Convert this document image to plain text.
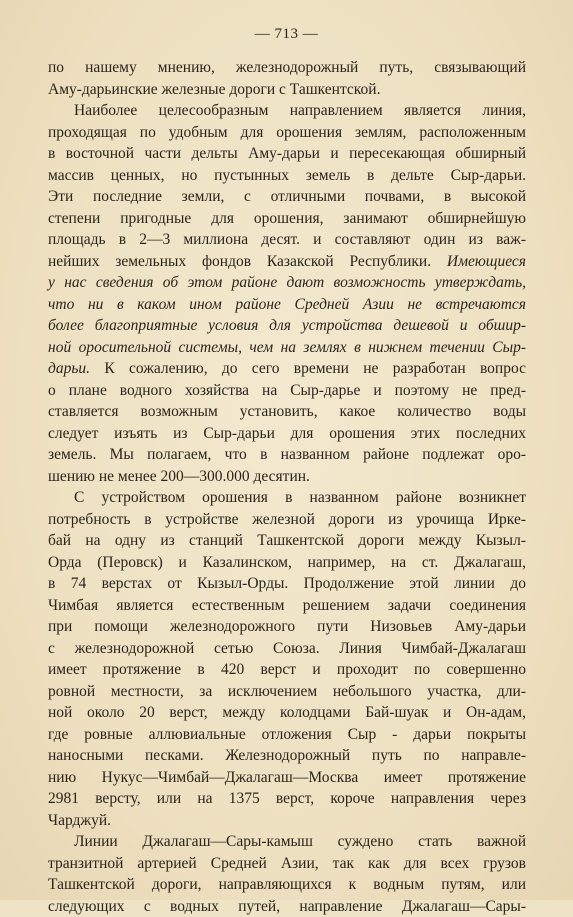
— 713 —
по нашему мнению, железнодорожный путь, связывающий
Аму-дарьинские железные дороги с Ташкентской.
Наиболее целесообразным направлением является линия,
проходящая по удобным для орошения землям, расположенным
в восточной части дельты Аму-дарьи и пересекающая обширный
массив ценных, но пустынных земель в дельте Сыр-дарьи.
Эти последние земли, с отличными почвами, в высокой
степени пригодные для орошения, занимают обширнейшую
площадь в 2—3 миллиона десят. и составляют один из важ-
нейших земельных фондов Казакской Республики. Имеющиеся
у нас сведения об этом районе дают возможность утверждать,
что ни в каком ином районе Средней Азии не встречаются
более благоприятные условия для устройства дешевой и обшир-
ной оросительной системы, чем на землях в нижнем течении Сыр-
дарьи. К сожалению, до сего времени не разработан вопрос
о плане водного хозяйства на Сыр-дарье и поэтому не пред-
ставляется возможным установить, какое количество воды
следует изъять из Сыр-дарьи для орошения этих последних
земель. Мы полагаем, что в названном районе подлежат оро-
шению не менее 200—300.000 десятин.
С устройством орошения в названном районе возникнет
потребность в устройстве железной дороги из урочища Ирке-
бай на одну из станций Ташкентской дороги между Кызыл-
Орда (Перовск) и Казалинском, например, на ст. Джалагаш,
в 74 верстах от Кызыл-Орды. Продолжение этой линии до
Чимбая является естественным решением задачи соединения
при помощи железнодорожного пути Низовьев Аму-дарьи
с железнодорожной сетью Союза. Линия Чимбай-Джалагаш
имеет протяжение в 420 верст и проходит по совершенно
ровной местности, за исключением небольшого участка, дли-
ной около 20 верст, между колодцами Бай-шуак и Он-адам,
где ровные аллювиальные отложения Сыр - дарьи покрыты
наносными песками. Железнодорожный путь по направле-
нию Нукус—Чимбай—Джалагаш—Москва имеет протяжение
2981 версту, или на 1375 верст, короче направления через
Чарджуй.
Линии Джалагаш—Сары-камыш суждено стать важной
транзитной артерией Средней Азии, так как для всех грузов
Ташкентской дороги, направляющихся к водным путям, или
следующих с водных путей, направление Джалагаш—Сары-
